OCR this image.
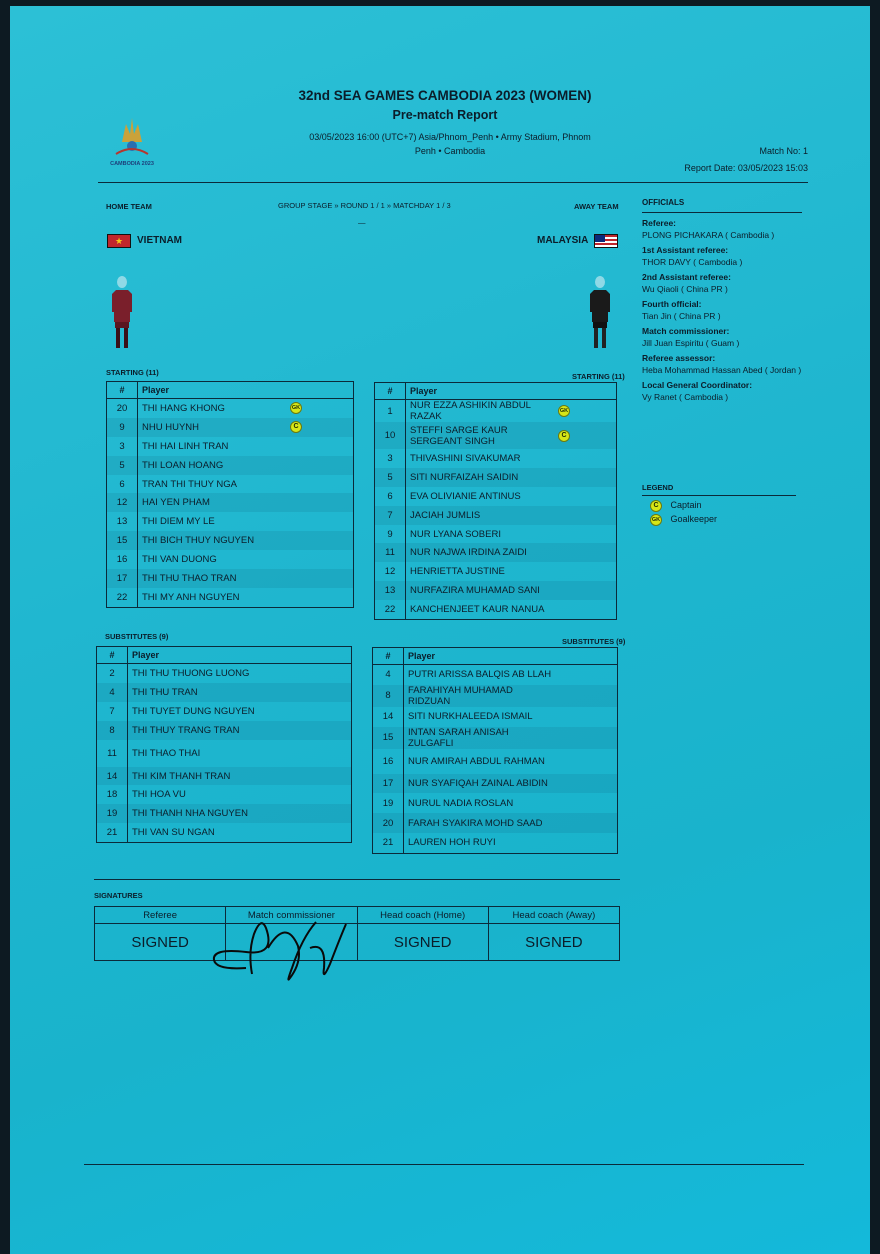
CAMBODIA 2023
32nd SEA GAMES CAMBODIA 2023 (WOMEN)
Pre-match Report
03/05/2023 16:00 (UTC+7) Asia/Phnom_Penh • Army Stadium, Phnom
Penh • Cambodia	Match No: 1
Report Date: 03/05/2023 15:03
HOME TEAM	GROUP STAGE » ROUND 1 / 1 » MATCHDAY 1 / 3
—
AWAY TEAM
★	VIETNAM	MALAYSIA
STARTING (11)
#	Player
20	THI HANG KHONG GK
9	NHU HUYNH C
3	THI HAI LINH TRAN
5	THI LOAN HOANG
6	TRAN THI THUY NGA
12	HAI YEN PHAM
13	THI DIEM MY LE
15	THI BICH THUY NGUYEN
16	THI VAN DUONG
17	THI THU THAO TRAN
22	THI MY ANH NGUYEN
STARTING (11)
#	Player
1	NUR EZZA ASHIKIN ABDUL RAZAK GK
10	STEFFI SARGE KAUR SERGEANT SINGHC
3	THIVASHINI SIVAKUMAR
5	SITI NURFAIZAH SAIDIN
6	EVA OLIVIANIE ANTINUS
7	JACIAH JUMLIS
9	NUR LYANA SOBERI
11	NUR NAJWA IRDINA ZAIDI
12	HENRIETTA JUSTINE
13	NURFAZIRA MUHAMAD SANI
22	KANCHENJEET KAUR NANUA
SUBSTITUTES (9)
#	Player
2	THI THU THUONG LUONG
4	THI THU TRAN
7	THI TUYET DUNG NGUYEN
8	THI THUY TRANG TRAN
11	THI THAO THAI
14	THI KIM THANH TRAN
18	THI HOA VU
19	THI THANH NHA NGUYEN
21	THI VAN SU NGAN
SUBSTITUTES (9)
#	Player
4	PUTRI ARISSA BALQIS AB LLAH
8	FARAHIYAH MUHAMAD RIDZUAN
14	SITI NURKHALEEDA ISMAIL
15	INTAN SARAH ANISAH ZULGAFLI
16	NUR AMIRAH ABDUL RAHMAN
17	NUR SYAFIQAH ZAINAL ABIDIN
19	NURUL NADIA ROSLAN
20	FARAH SYAKIRA MOHD SAAD
21	LAUREN HOH RUYI
OFFICIALS
Referee:
PLONG PICHAKARA ( Cambodia )
1st Assistant referee:
THOR DAVY ( Cambodia )
2nd Assistant referee:
Wu Qiaoli ( China PR )
Fourth official:
Tian Jin ( China PR )
Match commissioner:
Jill Juan Espiritu ( Guam )
Referee assessor:
Heba Mohammad Hassan Abed ( Jordan )
Local General Coordinator:
Vy Ranet ( Cambodia )
LEGEND
C Captain
GK Goalkeeper
SIGNATURES
Referee	Match commissioner	Head coach (Home)	Head coach (Away)
SIGNED		SIGNED	SIGNED
